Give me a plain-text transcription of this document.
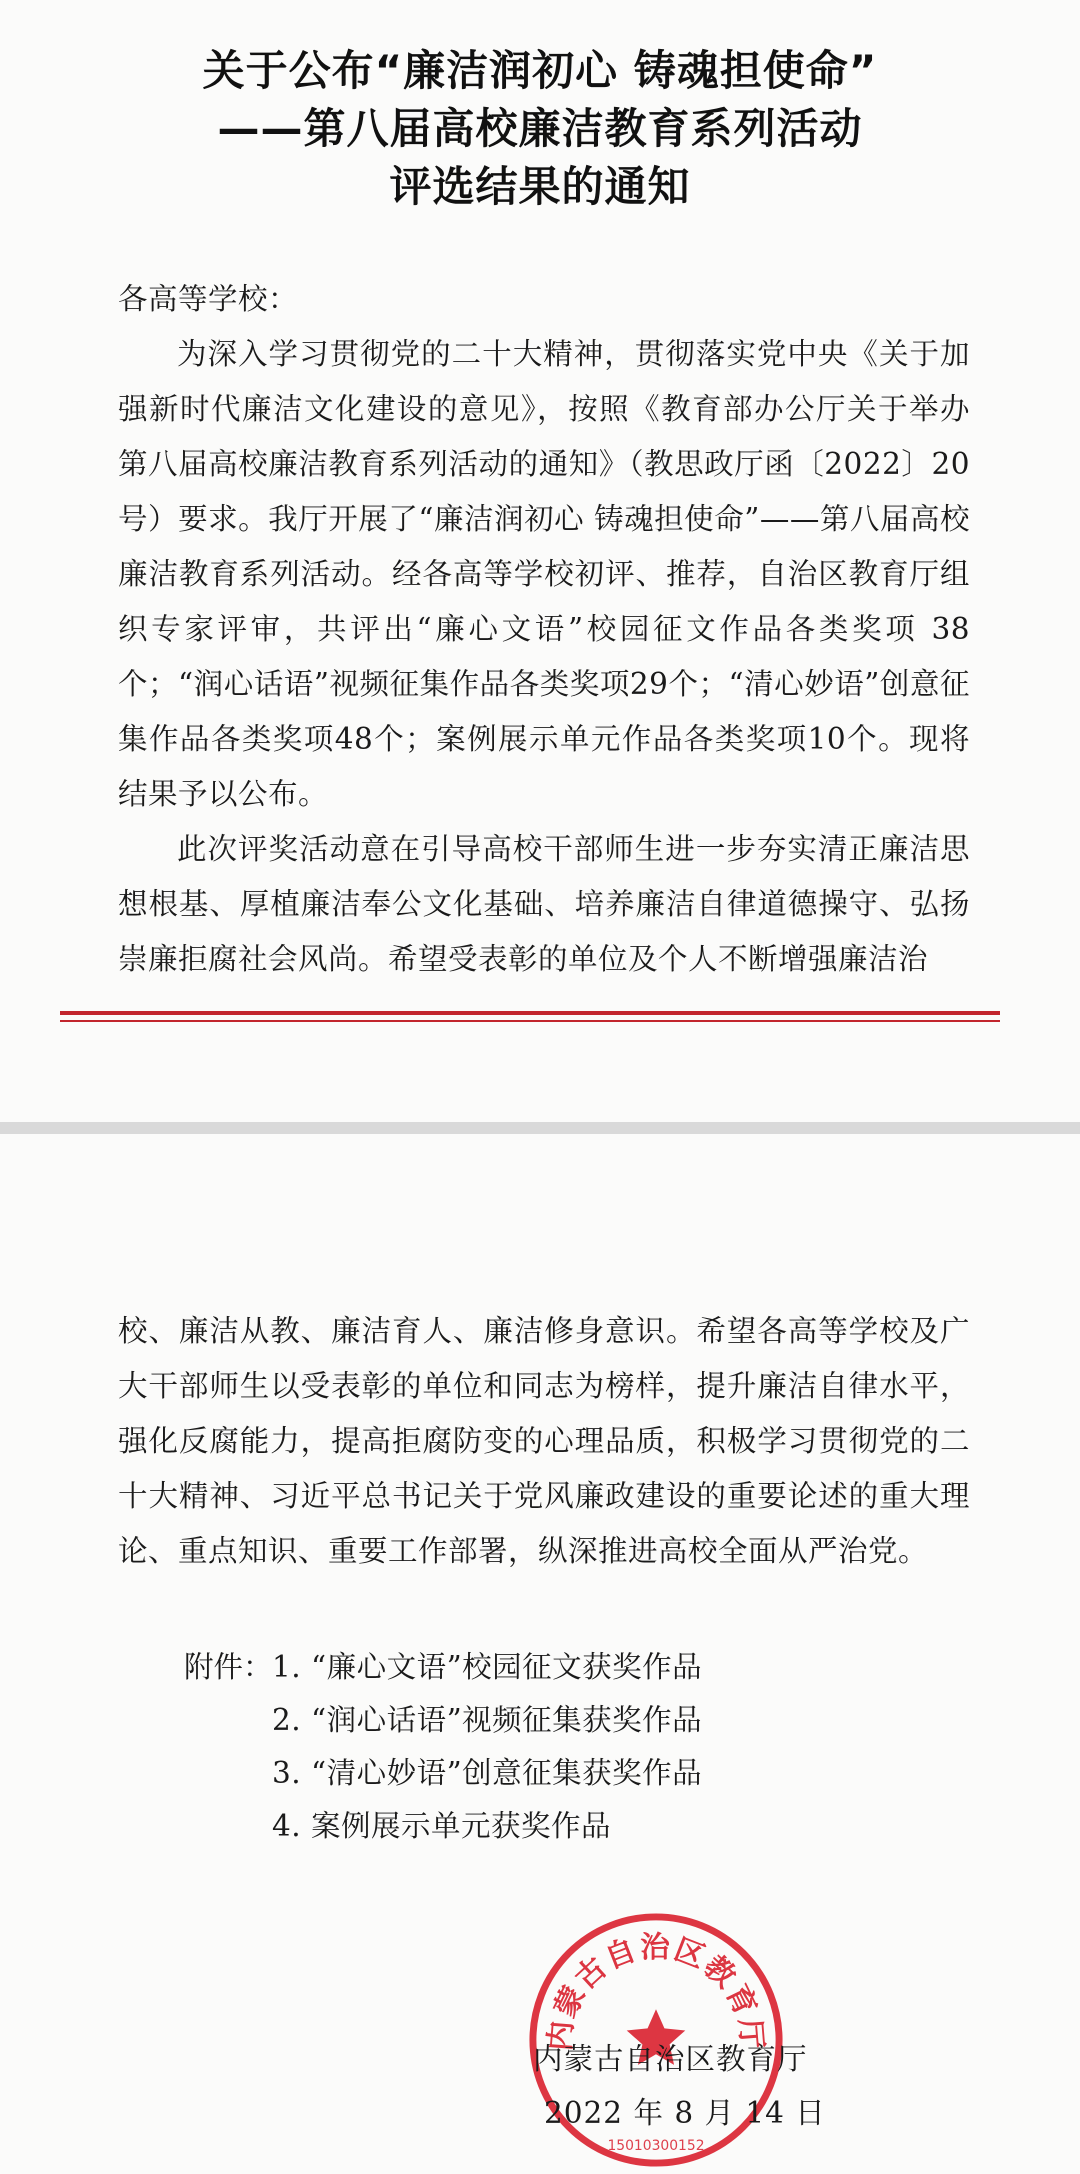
关于公布“廉洁润初心 铸魂担使命”
——第八届高校廉洁教育系列活动
评选结果的通知

各高等学校：

为深入学习贯彻党的二十大精神，贯彻落实党中央《关于加强新时代廉洁文化建设的意见》，按照《教育部办公厅关于举办第八届高校廉洁教育系列活动的通知》（教思政厅函〔2022〕20号）要求。我厅开展了“廉洁润初心 铸魂担使命”——第八届高校廉洁教育系列活动。经各高等学校初评、推荐，自治区教育厅组织专家评审，共评出“廉心文语”校园征文作品各类奖项 38个；“润心话语”视频征集作品各类奖项29个；“清心妙语”创意征集作品各类奖项48个；案例展示单元作品各类奖项10个。现将结果予以公布。

此次评奖活动意在引导高校干部师生进一步夯实清正廉洁思想根基、厚植廉洁奉公文化基础、培养廉洁自律道德操守、弘扬崇廉拒腐社会风尚。希望受表彰的单位及个人不断增强廉洁治

校、廉洁从教、廉洁育人、廉洁修身意识。希望各高等学校及广大干部师生以受表彰的单位和同志为榜样，提升廉洁自律水平，强化反腐能力，提高拒腐防变的心理品质，积极学习贯彻党的二十大精神、习近平总书记关于党风廉政建设的重要论述的重大理论、重点知识、重要工作部署，纵深推进高校全面从严治党。

附件： 1. “廉心文语”校园征文获奖作品
2. “润心话语”视频征集获奖作品
3. “清心妙语”创意征集获奖作品
4. 案例展示单元获奖作品
内蒙古自治区教育厅
15010300152
内蒙古自治区教育厅
2022 年 8 月 14 日
